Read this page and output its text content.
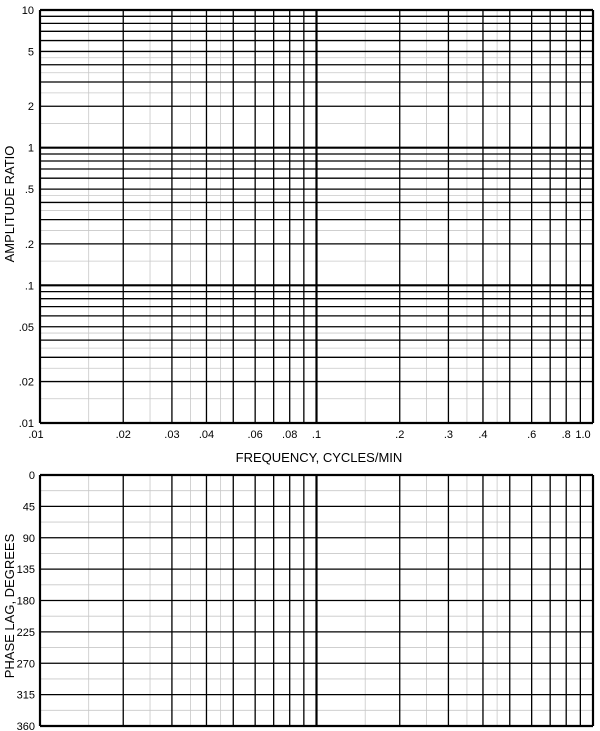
10
5
2
1
.5
.2
.1
.05
.02
.01
.01	.02	.03 .04	.06 .08 .1	.2	.3 .4	.6 .8 1.0
0
45
90
135
180
225
270
315
360
AMPLITUDE RATIO
FREQUENCY, CYCLES/MIN
PHASE LAG, DEGREES
